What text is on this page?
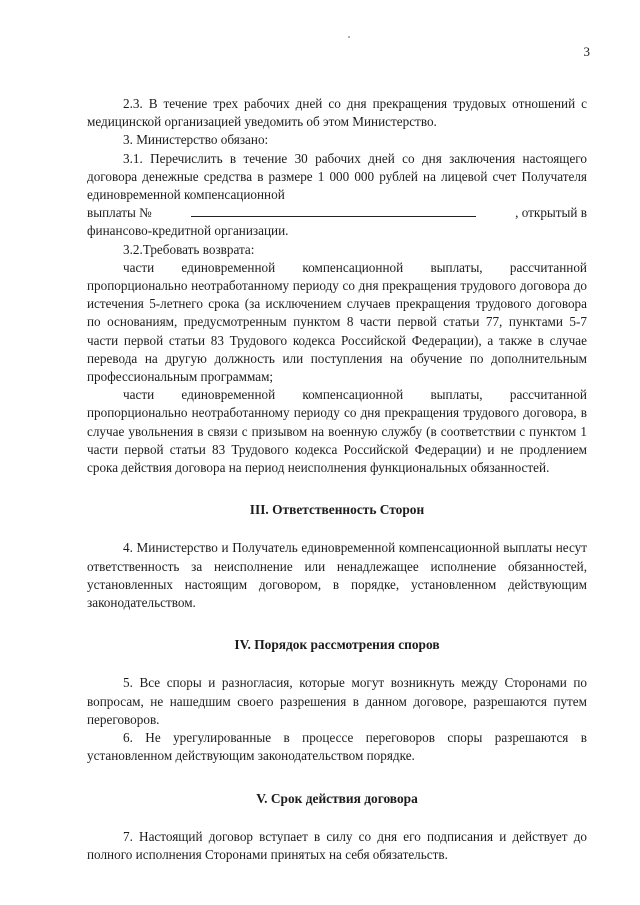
3

2.3. В течение трех рабочих дней со дня прекращения трудовых отношений с медицинской организацией уведомить об этом Министерство.

3. Министерство обязано:

3.1. Перечислить в течение 30 рабочих дней со дня заключения настоящего договора денежные средства в размере 1 000 000 рублей на лицевой счет Получателя единовременной компенсационной

выплаты №	, открытый в

финансово-кредитной организации.

3.2.Требовать возврата:

части единовременной компенсационной выплаты, рассчитанной пропорционально неотработанному периоду со дня прекращения трудового договора до истечения 5-летнего срока (за исключением случаев прекращения трудового договора по основаниям, предусмотренным пунктом 8 части первой статьи 77, пунктами 5-7 части первой статьи 83 Трудового кодекса Российской Федерации), а также в случае перевода на другую должность или поступления на обучение по дополнительным профессиональным программам;

части единовременной компенсационной выплаты, рассчитанной пропорционально неотработанному периоду со дня прекращения трудового договора, в случае увольнения в связи с призывом на военную службу (в соответствии с пунктом 1 части первой статьи 83 Трудового кодекса Российской Федерации) и не продлением срока действия договора на период неисполнения функциональных обязанностей.

III. Ответственность Сторон

4. Министерство и Получатель единовременной компенсационной выплаты несут ответственность за неисполнение или ненадлежащее исполнение обязанностей, установленных настоящим договором, в порядке, установленном действующим законодательством.

IV. Порядок рассмотрения споров

5. Все споры и разногласия, которые могут возникнуть между Сторонами по вопросам, не нашедшим своего разрешения в данном договоре, разрешаются путем переговоров.

6. Не урегулированные в процессе переговоров споры разрешаются в установленном действующим законодательством порядке.

V. Срок действия договора

7. Настоящий договор вступает в силу со дня его подписания и действует до полного исполнения Сторонами принятых на себя обязательств.
